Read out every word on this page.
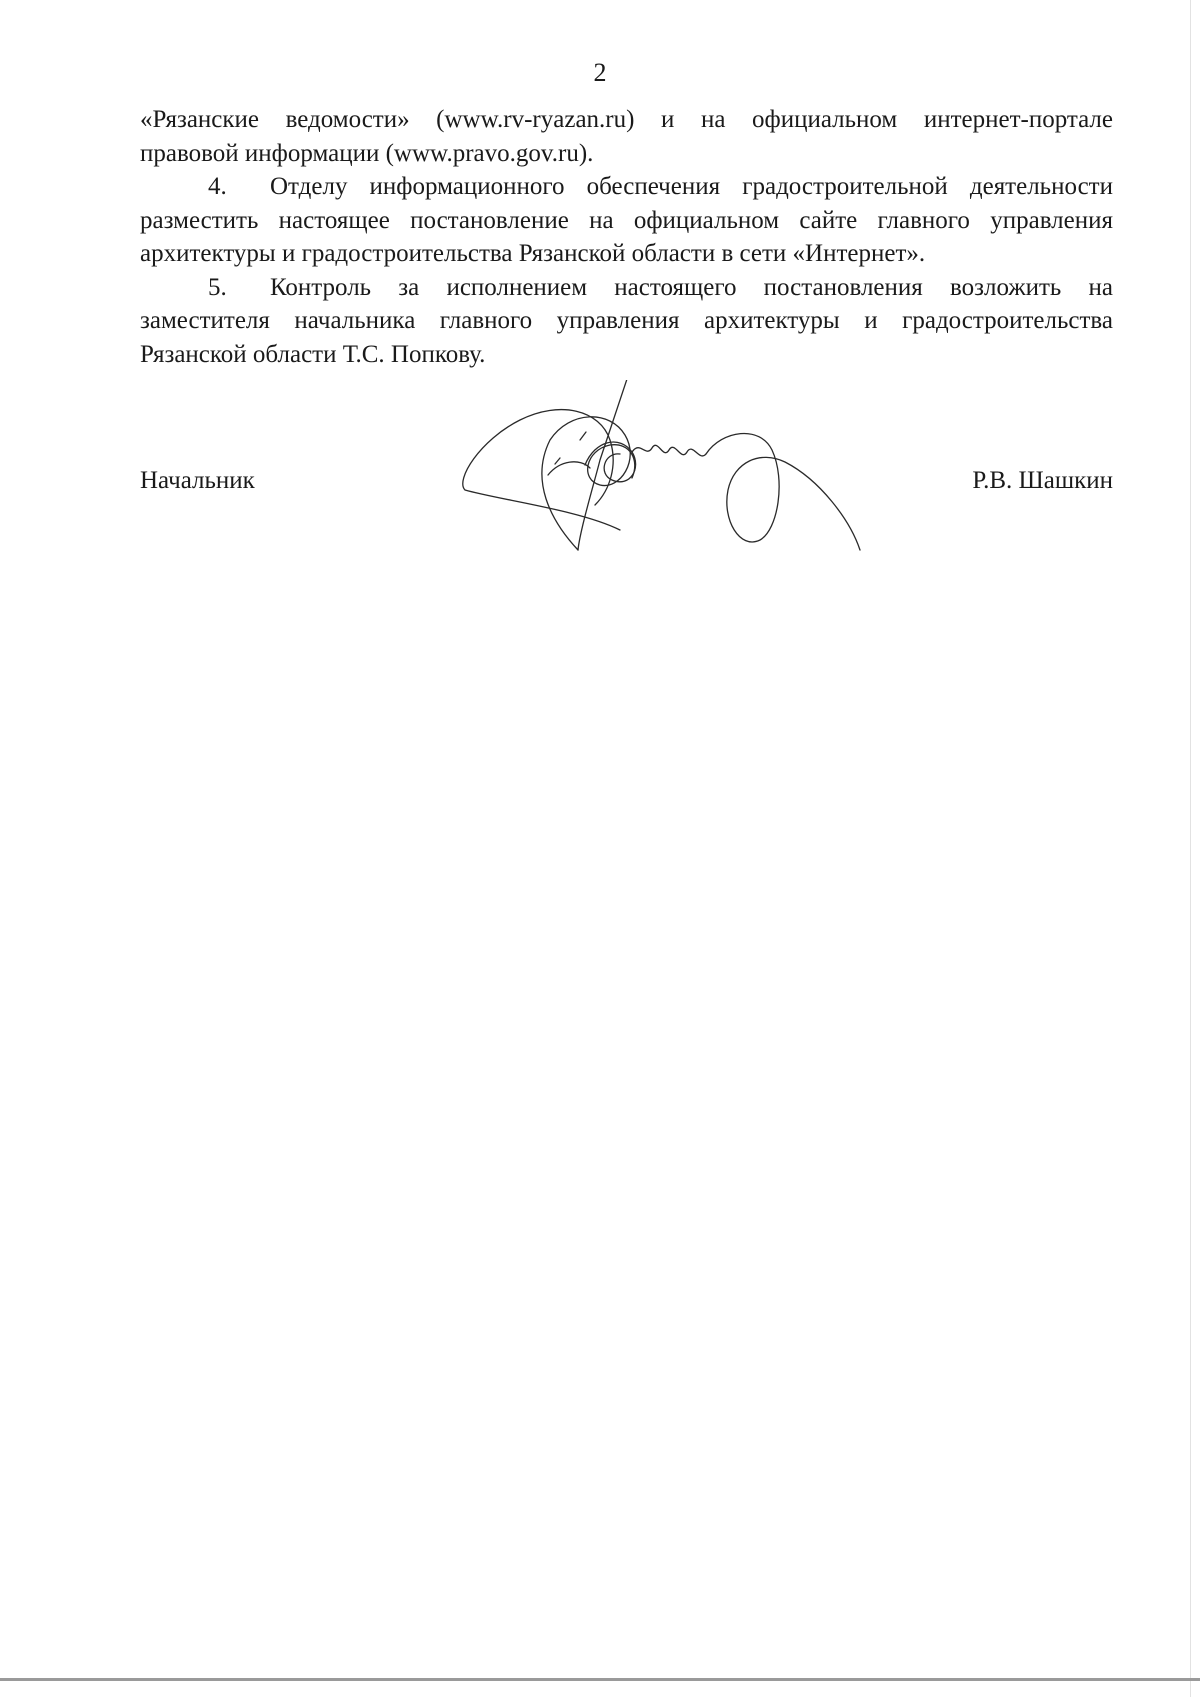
2

«Рязанские ведомости» (www.rv-ryazan.ru) и на официальном интернет-портале

правовой информации (www.pravo.gov.ru).

4. Отделу информационного обеспечения градостроительной деятельности разместить настоящее постановление на официальном сайте главного управления архитектуры и градостроительства Рязанской области в сети «Интернет».

5. Контроль за исполнением настоящего постановления возложить на заместителя начальника главного управления архитектуры и градостроительства Рязанской области Т.С. Попкову.

Начальник	Р.В. Шашкин
